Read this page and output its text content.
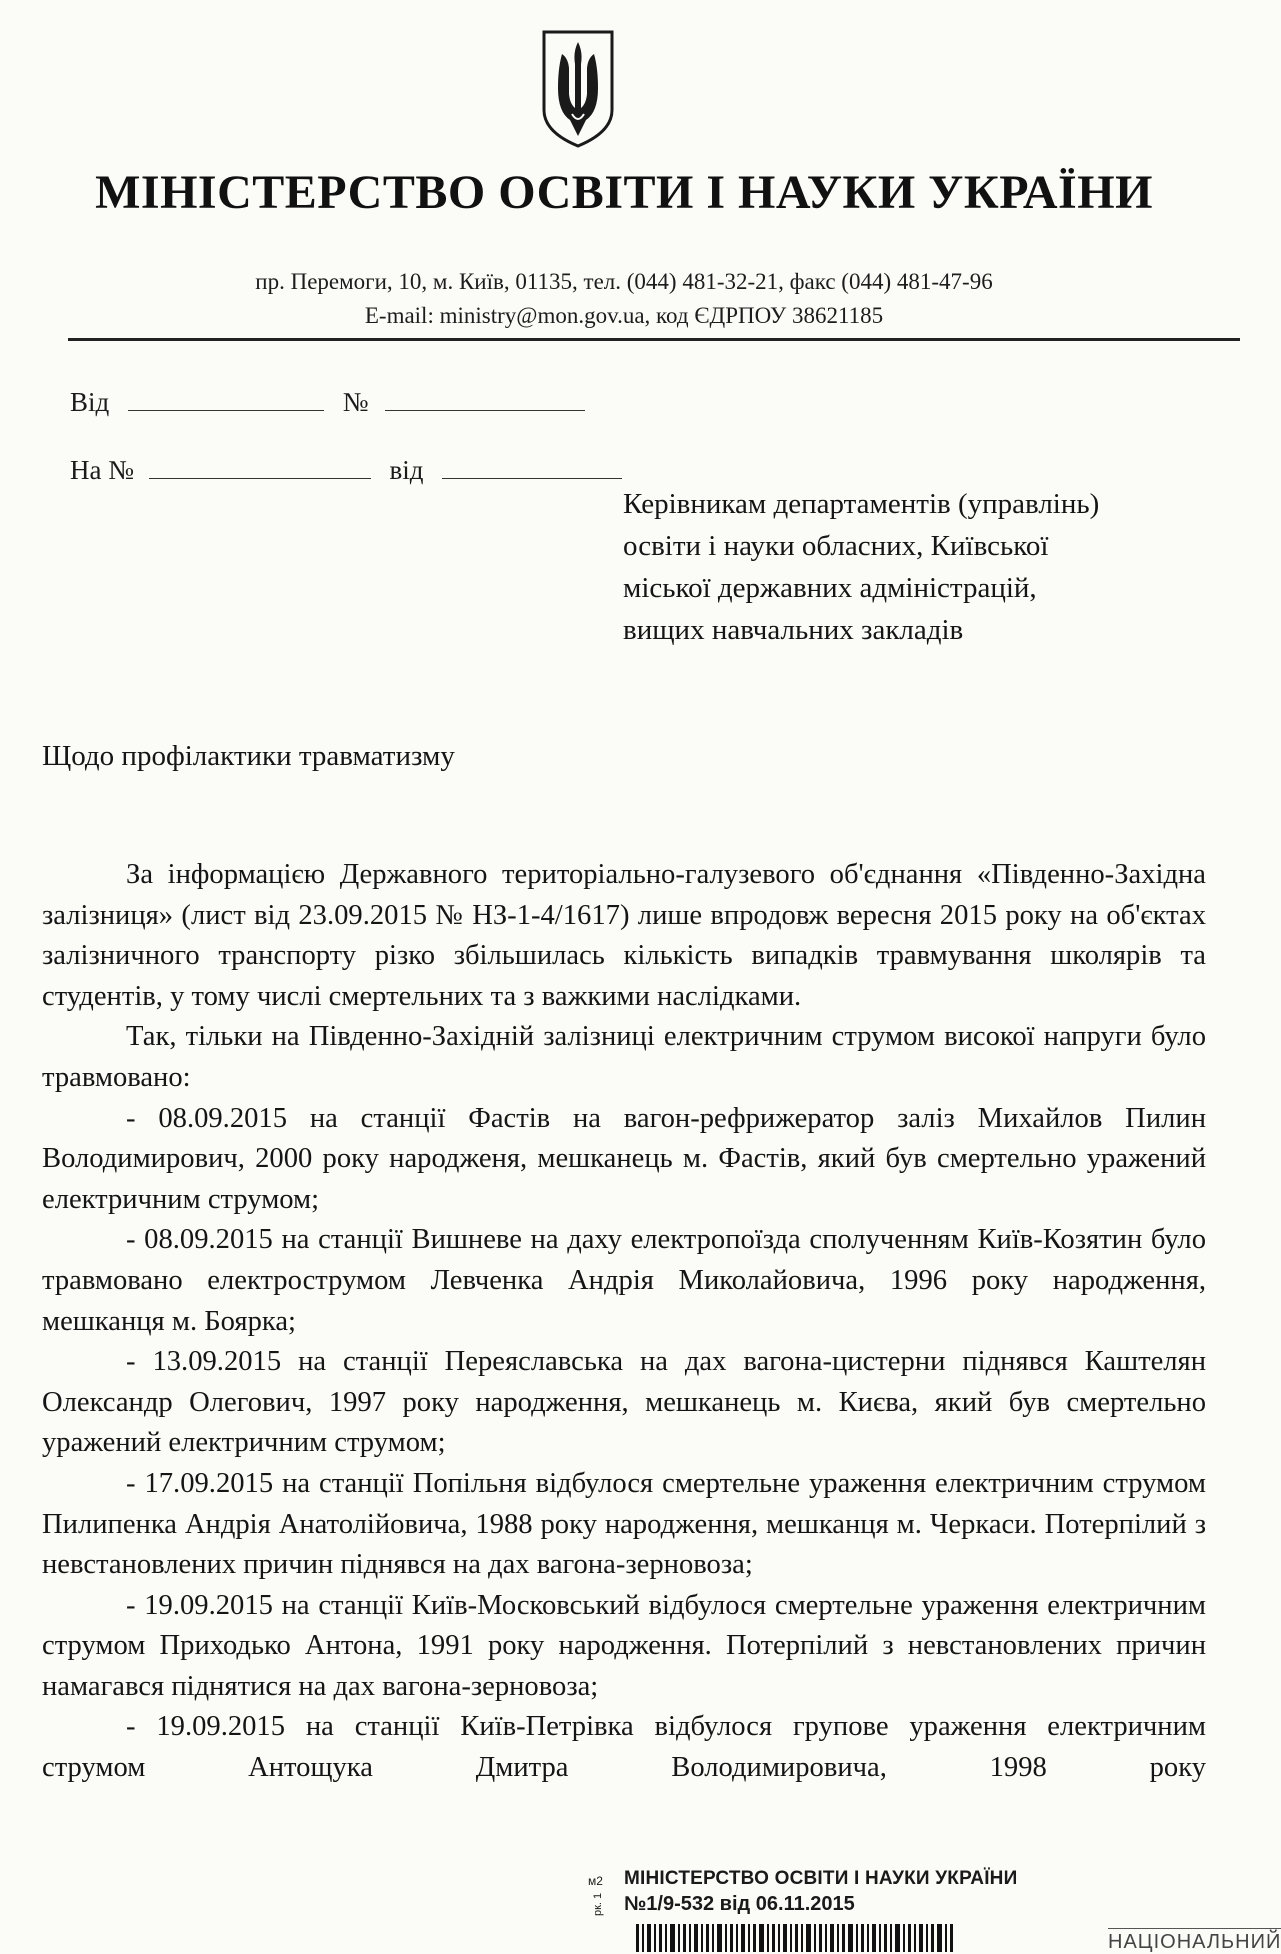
МІНІСТЕРСТВО ОСВІТИ І НАУКИ УКРАЇНИ
пр. Перемоги, 10, м. Київ, 01135, тел. (044) 481-32-21, факс (044) 481-47-96
E-mail: ministry@mon.gov.ua, код ЄДРПОУ 38621185
Від	№
На №	від
Керівникам департаментів (управлінь)
освіти і науки обласних, Київської
міської державних адміністрацій,
вищих навчальних закладів
Щодо профілактики травматизму

За інформацією Державного територіально-галузевого об'єднання «Південно-Західна залізниця» (лист від 23.09.2015 № НЗ-1-4/1617) лише впродовж вересня 2015 року на об'єктах залізничного транспорту різко збільшилась кількість випадків травмування школярів та студентів, у тому числі смертельних та з важкими наслідками.

Так, тільки на Південно-Західній залізниці електричним струмом високої напруги було травмовано:

- 08.09.2015 на станції Фастів на вагон-рефрижератор заліз Михайлов Пилин Володимирович, 2000 року народженя, мешканець м. Фастів, який був смертельно уражений електричним струмом;

- 08.09.2015 на станції Вишневе на даху електропоїзда сполученням Київ-Козятин було травмовано електрострумом Левченка Андрія Миколайовича, 1996 року народження, мешканця м. Боярка;

- 13.09.2015 на станції Переяславська на дах вагона-цистерни піднявся Каштелян Олександр Олегович, 1997 року народження, мешканець м. Києва, який був смертельно уражений електричним струмом;

- 17.09.2015 на станції Попільня відбулося смертельне ураження електричним струмом Пилипенка Андрія Анатолійовича, 1988 року народження, мешканця м. Черкаси. Потерпілий з невстановлених причин піднявся на дах вагона-зерновоза;

- 19.09.2015 на станції Київ-Московський відбулося смертельне ураження електричним струмом Приходько Антона, 1991 року народження. Потерпілий з невстановлених причин намагався піднятися на дах вагона-зерновоза;

- 19.09.2015 на станції Київ-Петрівка відбулося групове ураження електричним струмом Антощука Дмитра Володимировича, 1998 року

м2 МІНІСТЕРСТВО ОСВІТИ І НАУКИ УКРАЇНИ
№1/9-532 від 06.11.2015
рк. 1
НАЦІОНАЛЬНИЙ
